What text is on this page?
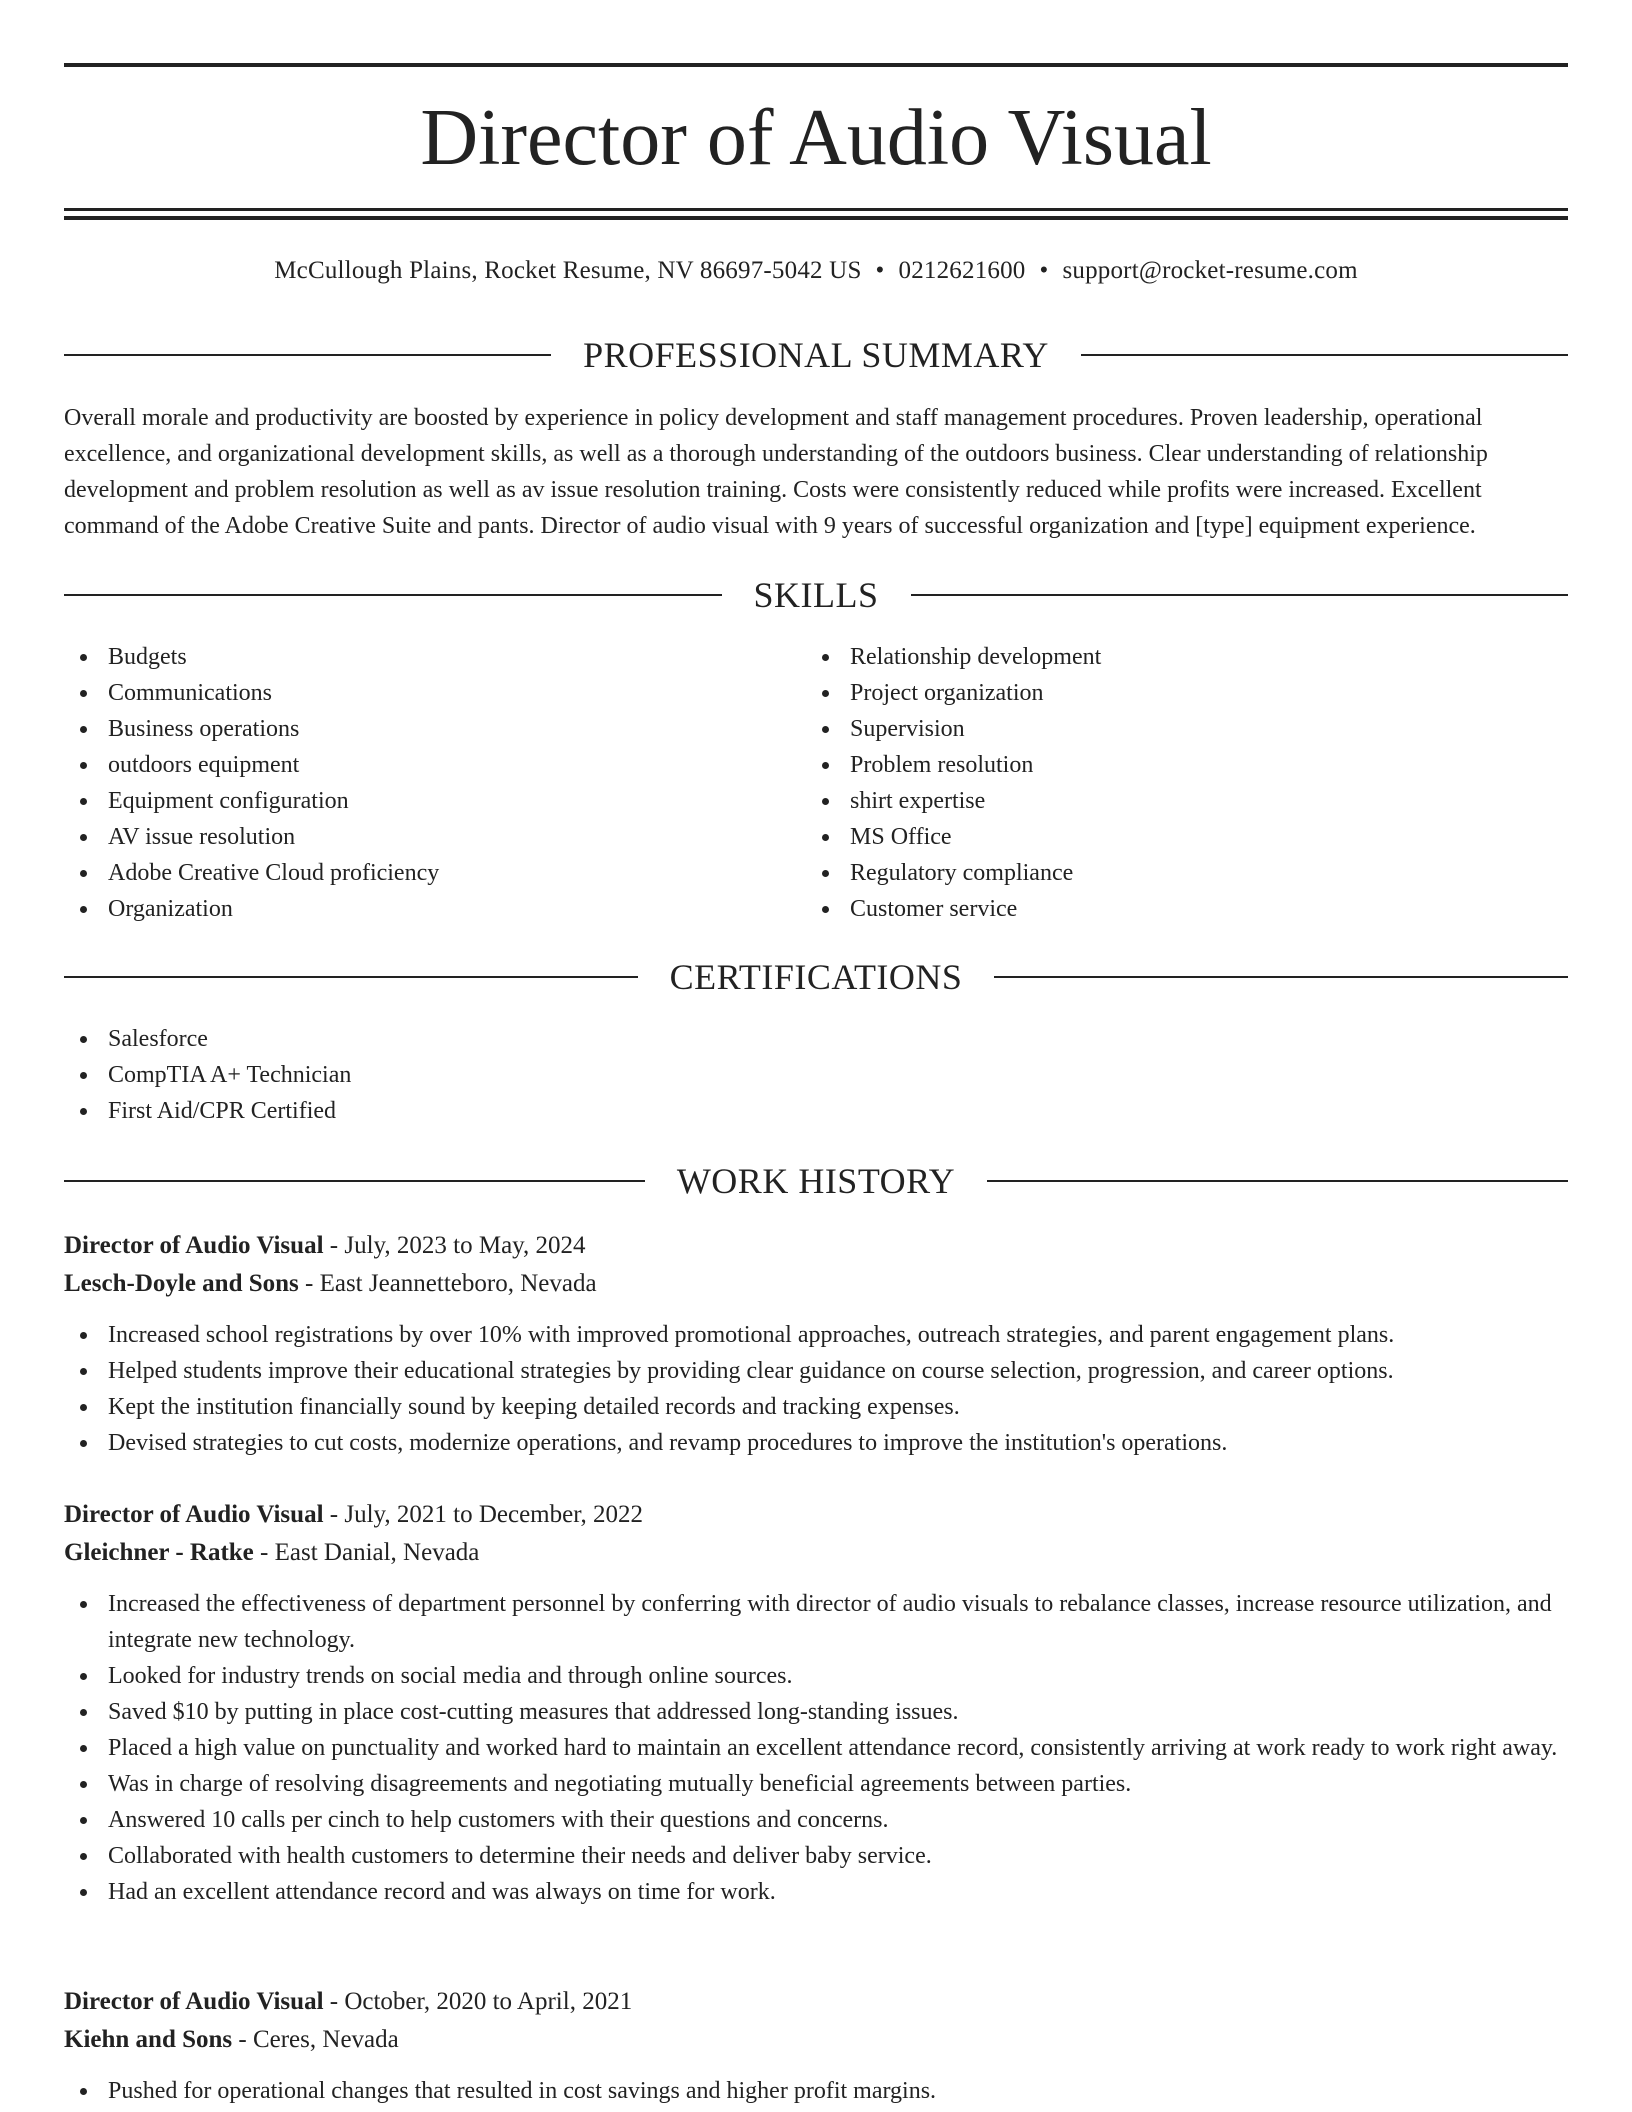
Director of Audio Visual
McCullough Plains, Rocket Resume, NV 86697-5042 US • 0212621600 • support@rocket-resume.com
PROFESSIONAL SUMMARY

Overall morale and productivity are boosted by experience in policy development and staff management procedures. Proven leadership, operational excellence, and organizational development skills, as well as a thorough understanding of the outdoors business. Clear understanding of relationship development and problem resolution as well as av issue resolution training. Costs were consistently reduced while profits were increased. Excellent command of the Adobe Creative Suite and pants. Director of audio visual with 9 years of successful organization and [type] equipment experience.

SKILLS
Budgets
Communications
Business operations
outdoors equipment
Equipment configuration
AV issue resolution
Adobe Creative Cloud proficiency
Organization
Relationship development
Project organization
Supervision
Problem resolution
shirt expertise
MS Office
Regulatory compliance
Customer service
CERTIFICATIONS
Salesforce
CompTIA A+ Technician
First Aid/CPR Certified
WORK HISTORY
Director of Audio Visual - July, 2023 to May, 2024
Lesch-Doyle and Sons - East Jeannetteboro, Nevada
Increased school registrations by over 10% with improved promotional approaches, outreach strategies, and parent engagement plans.
Helped students improve their educational strategies by providing clear guidance on course selection, progression, and career options.
Kept the institution financially sound by keeping detailed records and tracking expenses.
Devised strategies to cut costs, modernize operations, and revamp procedures to improve the institution's operations.
Director of Audio Visual - July, 2021 to December, 2022
Gleichner - Ratke - East Danial, Nevada
Increased the effectiveness of department personnel by conferring with director of audio visuals to rebalance classes, increase resource utilization, and integrate new technology.
Looked for industry trends on social media and through online sources.
Saved $10 by putting in place cost-cutting measures that addressed long-standing issues.
Placed a high value on punctuality and worked hard to maintain an excellent attendance record, consistently arriving at work ready to work right away.
Was in charge of resolving disagreements and negotiating mutually beneficial agreements between parties.
Answered 10 calls per cinch to help customers with their questions and concerns.
Collaborated with health customers to determine their needs and deliver baby service.
Had an excellent attendance record and was always on time for work.
Director of Audio Visual - October, 2020 to April, 2021
Kiehn and Sons - Ceres, Nevada
Pushed for operational changes that resulted in cost savings and higher profit margins.
